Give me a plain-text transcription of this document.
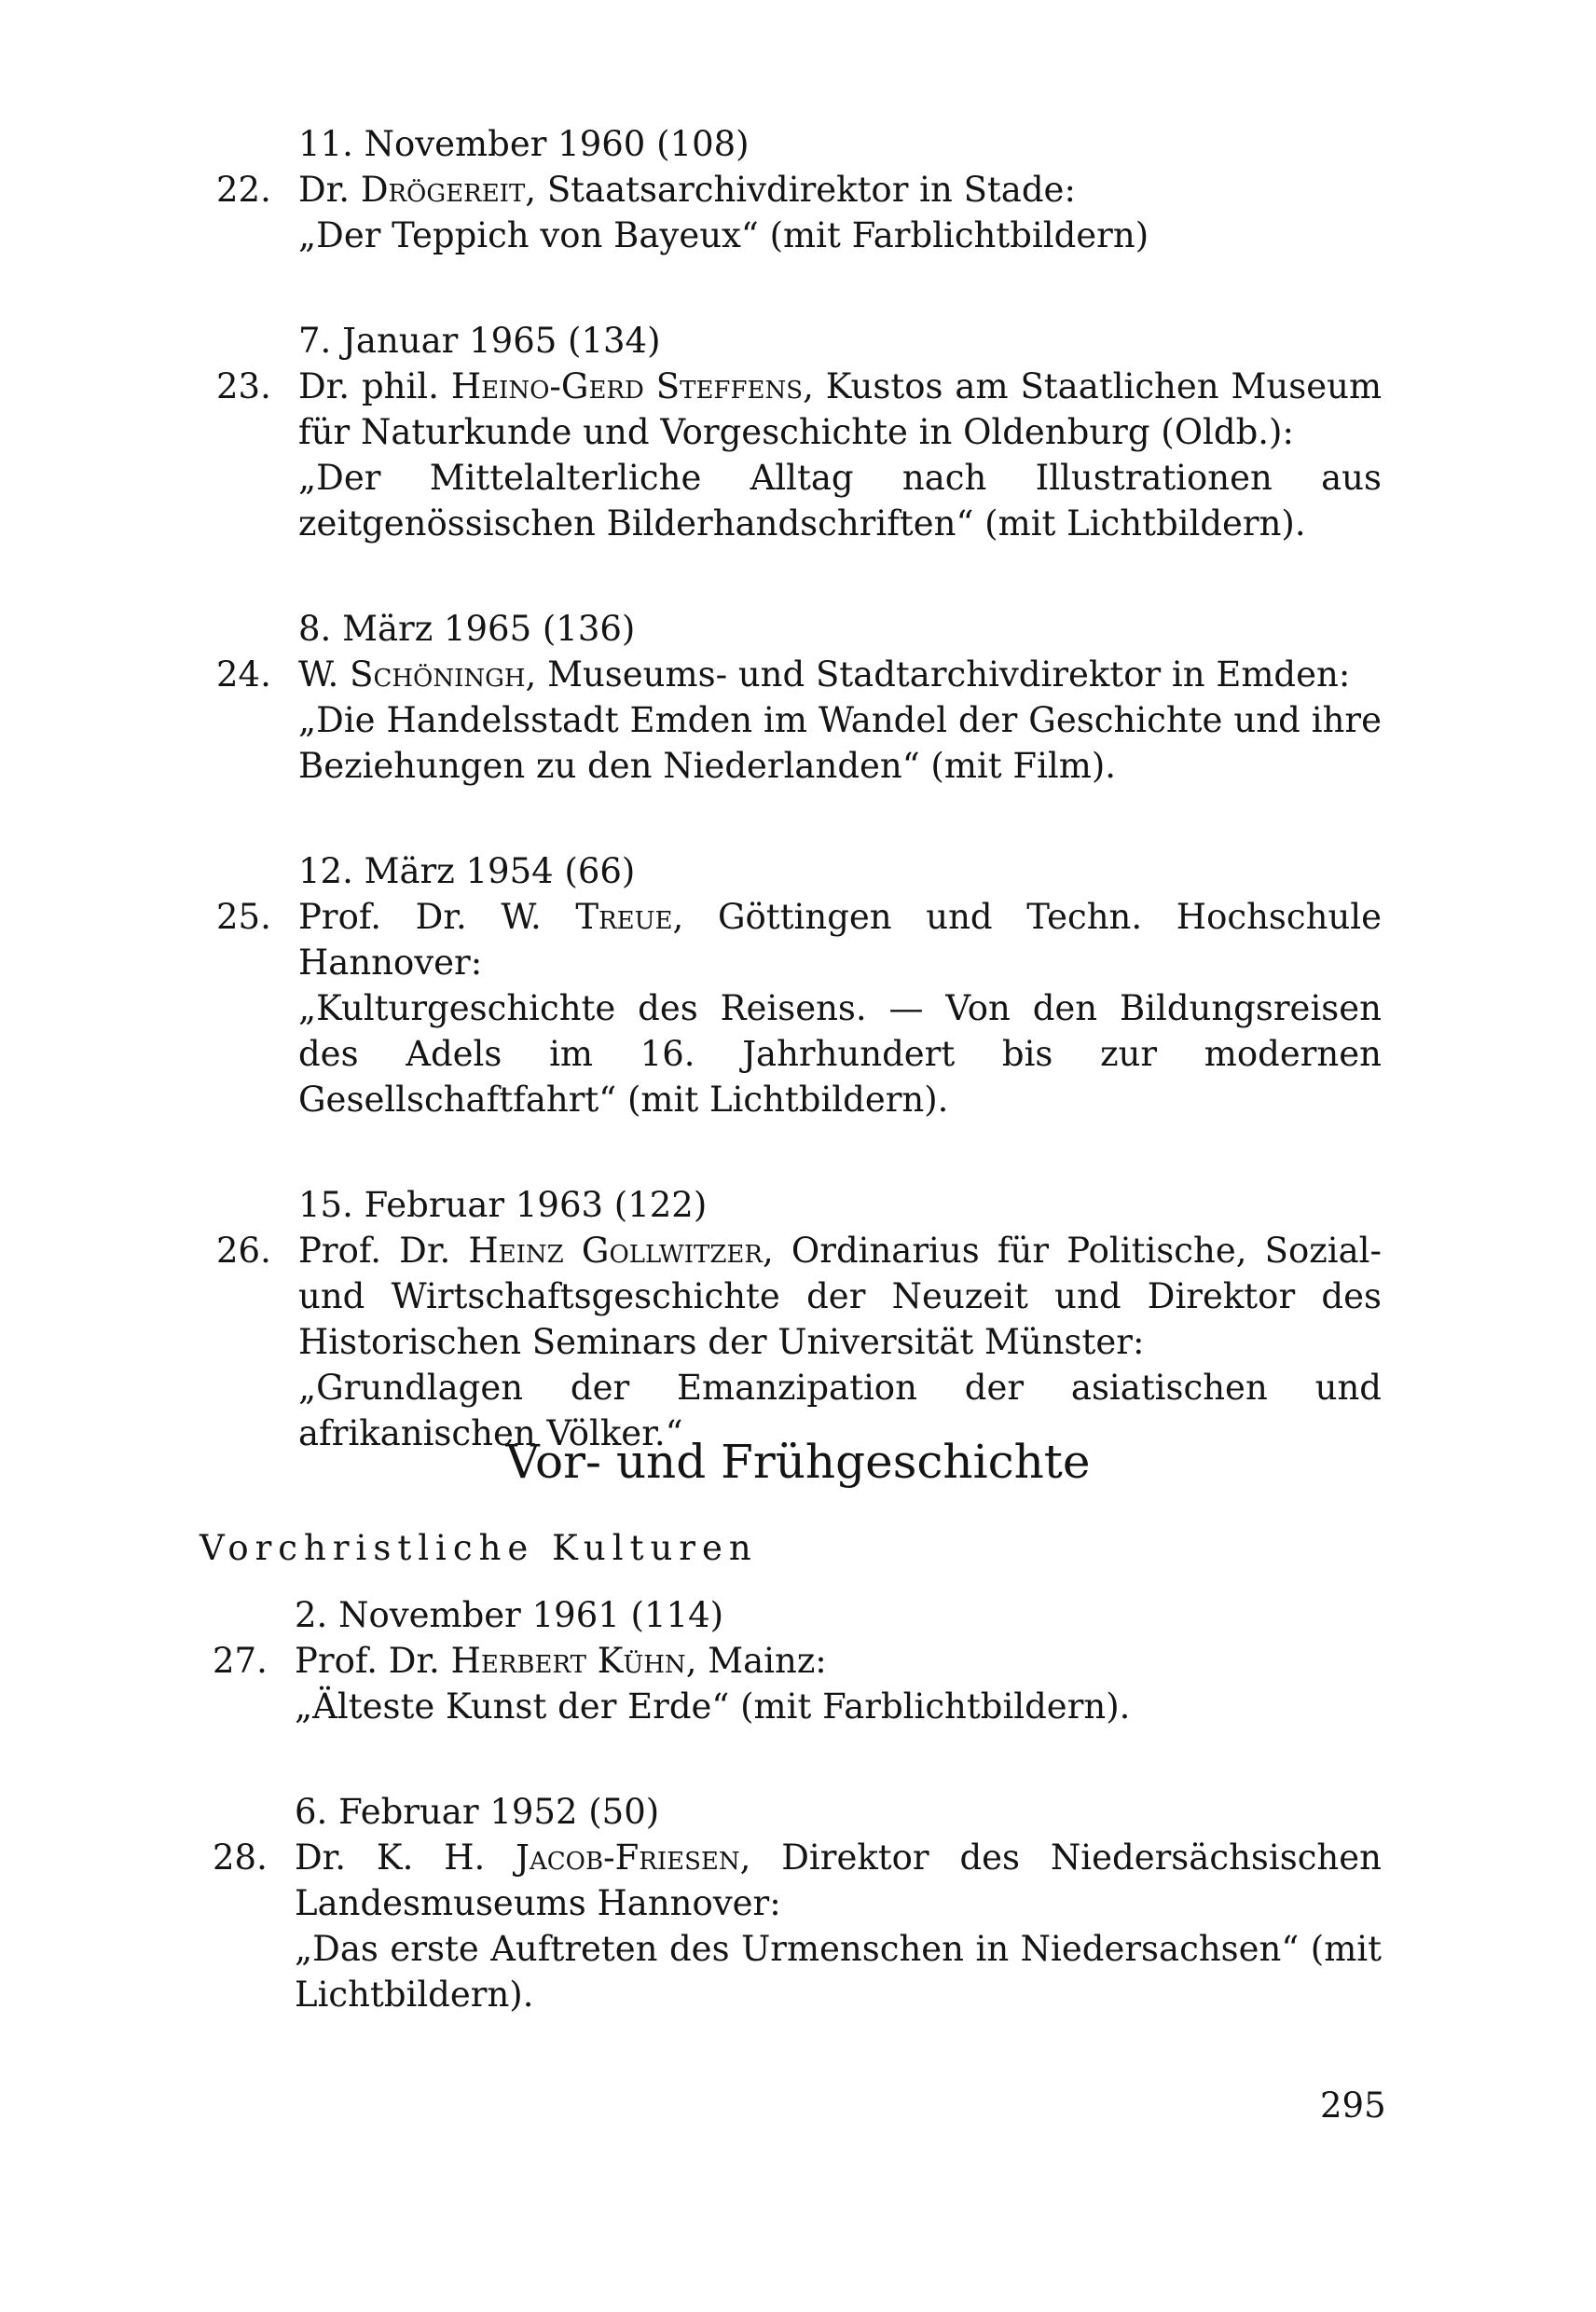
11. November 1960 (108)

22. Dr. Drögereit, Staatsarchivdirektor in Stade:

„Der Teppich von Bayeux“ (mit Farblichtbildern)

7. Januar 1965 (134)

23. Dr. phil. Heino-Gerd Steffens, Kustos am Staatlichen Museum für Naturkunde und Vorgeschichte in Oldenburg (Oldb.):

„Der Mittelalterliche Alltag nach Illustrationen aus zeitgenössischen Bilderhandschriften“ (mit Lichtbildern).

8. März 1965 (136)

24. W. Schöningh, Museums- und Stadtarchivdirektor in Emden:

„Die Handelsstadt Emden im Wandel der Geschichte und ihre Beziehungen zu den Niederlanden“ (mit Film).

12. März 1954 (66)

25. Prof. Dr. W. Treue, Göttingen und Techn. Hochschule Hannover:

„Kulturgeschichte des Reisens. — Von den Bildungsreisen des Adels im 16. Jahrhundert bis zur modernen Gesellschaftfahrt“ (mit Lichtbildern).

15. Februar 1963 (122)

26. Prof. Dr. Heinz Gollwitzer, Ordinarius für Politische, Sozial- und Wirtschaftsgeschichte der Neuzeit und Direktor des Historischen Seminars der Universität Münster:

„Grundlagen der Emanzipation der asiatischen und afrikanischen Völker.“

Vor- und Frühgeschichte
Vorchristliche Kulturen

2. November 1961 (114)

27. Prof. Dr. Herbert Kühn, Mainz:

„Älteste Kunst der Erde“ (mit Farblichtbildern).

6. Februar 1952 (50)

28. Dr. K. H. Jacob-Friesen, Direktor des Niedersächsischen Landesmuseums Hannover:

„Das erste Auftreten des Urmenschen in Niedersachsen“ (mit Lichtbildern).

295
